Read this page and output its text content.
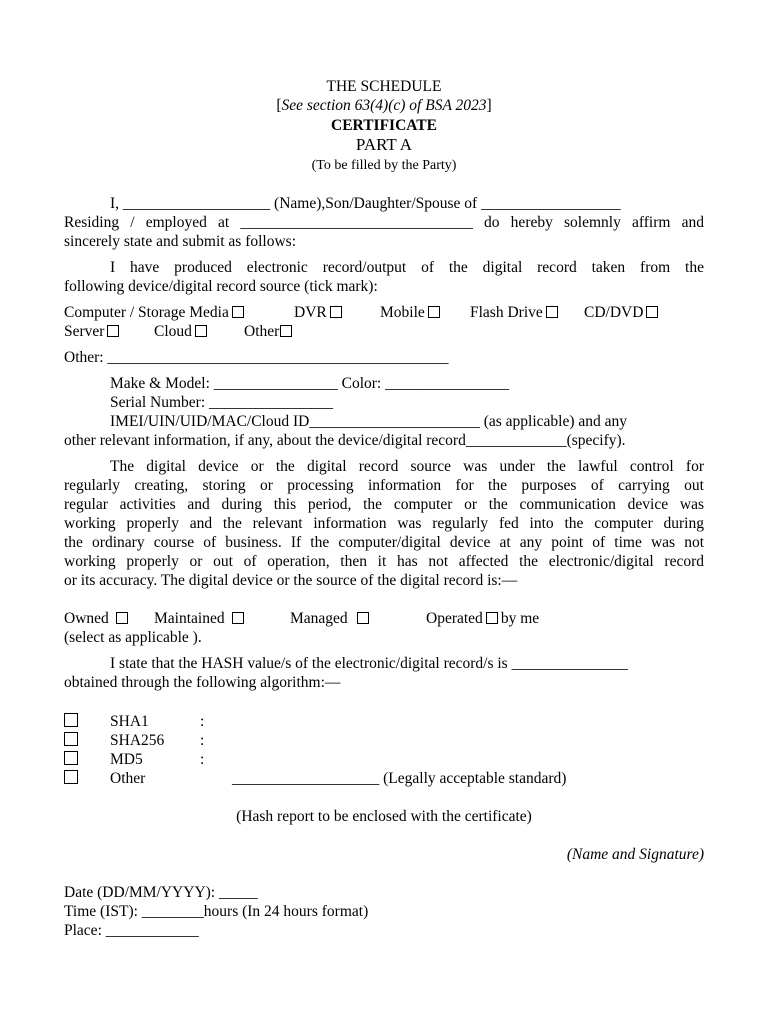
THE SCHEDULE
[See section 63(4)(c) of BSA 2023]
CERTIFICATE
PART A
(To be filled by the Party)
I, ___________________ (Name),Son/Daughter/Spouse of __________________
Residing / employed at ______________________________ do hereby solemnly affirm and
sincerely state and submit as follows:
I have produced electronic record/output of the digital record taken from the
following device/digital record source (tick mark):
Computer / Storage Media	DVR	Mobile	Flash Drive	CD/DVD
Server	Cloud	Other
Other: ____________________________________________
Make & Model: ________________ Color: ________________
Serial Number: ________________
IMEI/UIN/UID/MAC/Cloud ID______________________ (as applicable) and any
other relevant information, if any, about the device/digital record_____________(specify).
The digital device or the digital record source was under the lawful control for
regularly creating, storing or processing information for the purposes of carrying out
regular activities and during this period, the computer or the communication device was
working properly and the relevant information was regularly fed into the computer during
the ordinary course of business. If the computer/digital device at any point of time was not
working properly or out of operation, then it has not affected the electronic/digital record
or its accuracy. The digital device or the source of the digital record is:—
Owned	Maintained	Managed	Operated by me
(select as applicable ).
I state that the HASH value/s of the electronic/digital record/s is _______________
obtained through the following algorithm:—
SHA1	:
SHA256 :
MD5	:
Other	___________________ (Legally acceptable standard)
(Hash report to be enclosed with the certificate)
(Name and Signature)
Date (DD/MM/YYYY): _____
Time (IST): ________hours (In 24 hours format)
Place: ____________
